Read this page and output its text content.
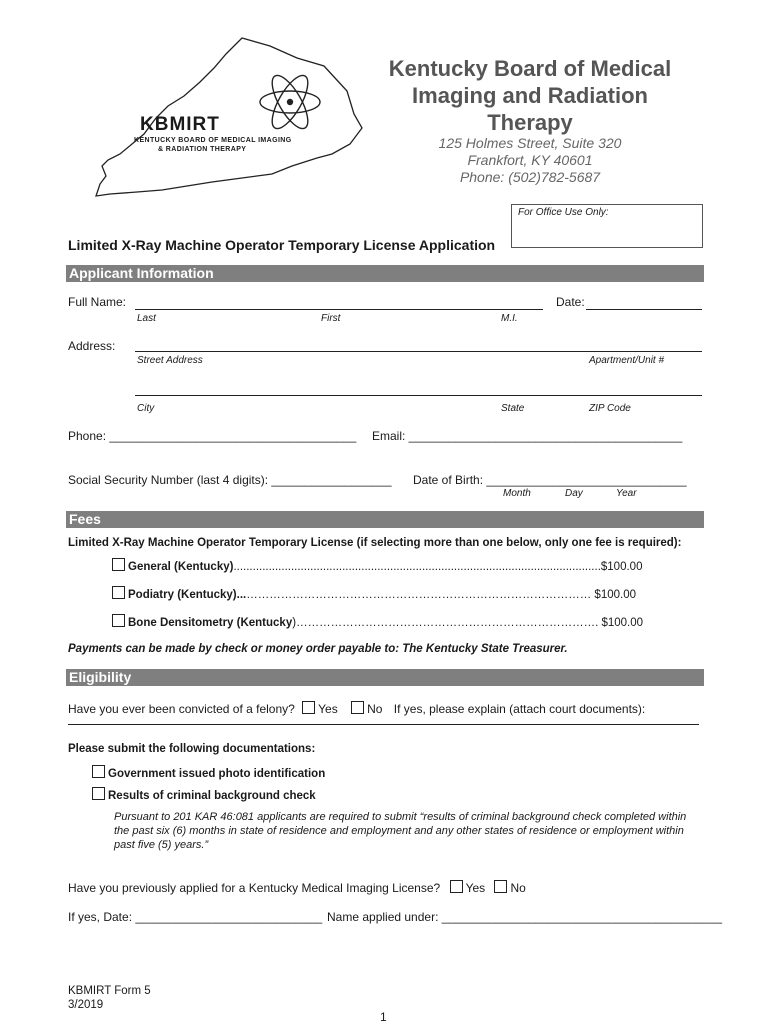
KBMIRT
KENTUCKY BOARD OF MEDICAL IMAGING
& RADIATION THERAPY
Kentucky Board of Medical
Imaging and Radiation
Therapy
125 Holmes Street, Suite 320
Frankfort, KY 40601
Phone: (502)782-5687
For Office Use Only:
Limited X-Ray Machine Operator Temporary License Application
Applicant Information
Full Name:	Date:
Last	First	M.I.
Address:
Street Address	Apartment/Unit #
City	State	ZIP Code
Phone: _____________________________________ Email: _________________________________________
Social Security Number (last 4 digits): __________________ Date of Birth: ______________________________
Month	Day	Year
Fees
Limited X-Ray Machine Operator Temporary License (if selecting more than one below, only one fee is required):
General (Kentucky)...................................................................................................................$100.00
Podiatry (Kentucky)...……………………………………………………………………………… $100.00
Bone Densitometry (Kentucky)……………………………………………………………………. $100.00
Payments can be made by check or money order payable to: The Kentucky State Treasurer.
Eligibility
Have you ever been convicted of a felony? Yes No If yes, please explain (attach court documents):
Please submit the following documentations:
Government issued photo identification
Results of criminal background check
Pursuant to 201 KAR 46:081 applicants are required to submit “results of criminal background check completed within the past six (6) months in state of residence and employment and any other states of residence or employment within past five (5) years.”
Have you previously applied for a Kentucky Medical Imaging License? Yes No
If yes, Date: ____________________________ Name applied under: __________________________________________
KBMIRT Form 5
3/2019
1
